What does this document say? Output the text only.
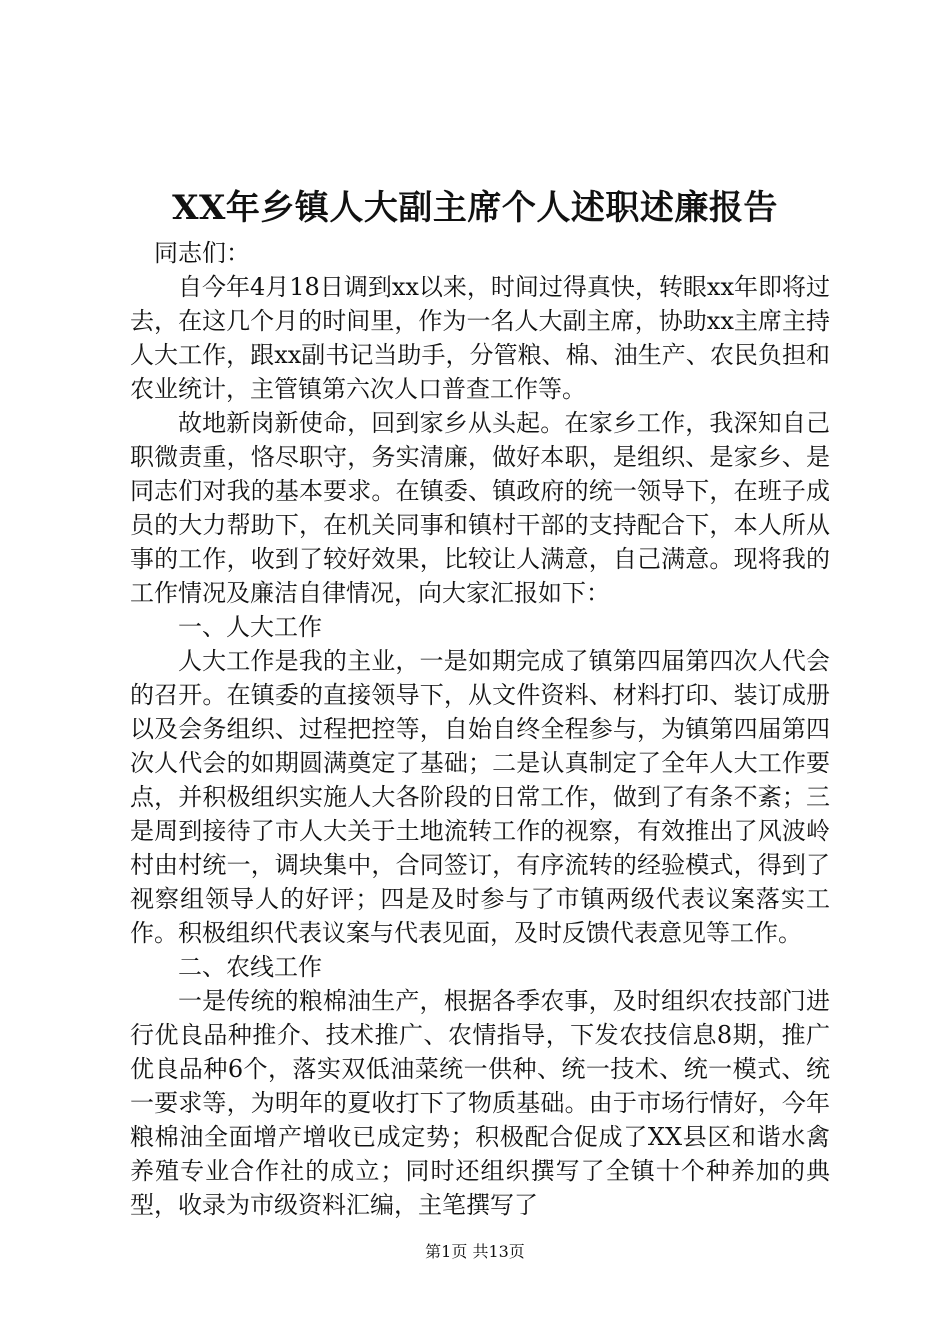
XX年乡镇人大副主席个人述职述廉报告

同志们：

自今年4月18日调到xx以来，时间过得真快，转眼xx年即将过去，在这几个月的时间里，作为一名人大副主席，协助xx主席主持人大工作，跟xx副书记当助手，分管粮、棉、油生产、农民负担和农业统计，主管镇第六次人口普查工作等。

故地新岗新使命，回到家乡从头起。在家乡工作，我深知自己职微责重，恪尽职守，务实清廉，做好本职，是组织、是家乡、是同志们对我的基本要求。在镇委、镇政府的统一领导下，在班子成员的大力帮助下，在机关同事和镇村干部的支持配合下，本人所从事的工作，收到了较好效果，比较让人满意，自己满意。现将我的工作情况及廉洁自律情况，向大家汇报如下：

一、人大工作

人大工作是我的主业，一是如期完成了镇第四届第四次人代会的召开。在镇委的直接领导下，从文件资料、材料打印、装订成册以及会务组织、过程把控等，自始自终全程参与，为镇第四届第四次人代会的如期圆满奠定了基础；二是认真制定了全年人大工作要点，并积极组织实施人大各阶段的日常工作，做到了有条不紊；三是周到接待了市人大关于土地流转工作的视察，有效推出了风波岭村由村统一，调块集中，合同签订，有序流转的经验模式，得到了视察组领导人的好评；四是及时参与了市镇两级代表议案落实工作。积极组织代表议案与代表见面，及时反馈代表意见等工作。

二、农线工作

一是传统的粮棉油生产，根据各季农事，及时组织农技部门进行优良品种推介、技术推广、农情指导，下发农技信息8期，推广优良品种6个，落实双低油菜统一供种、统一技术、统一模式、统一要求等，为明年的夏收打下了物质基础。由于市场行情好，今年粮棉油全面增产增收已成定势；积极配合促成了XX县区和谐水禽养殖专业合作社的成立；同时还组织撰写了全镇十个种养加的典型，收录为市级资料汇编，主笔撰写了

第1页 共13页
